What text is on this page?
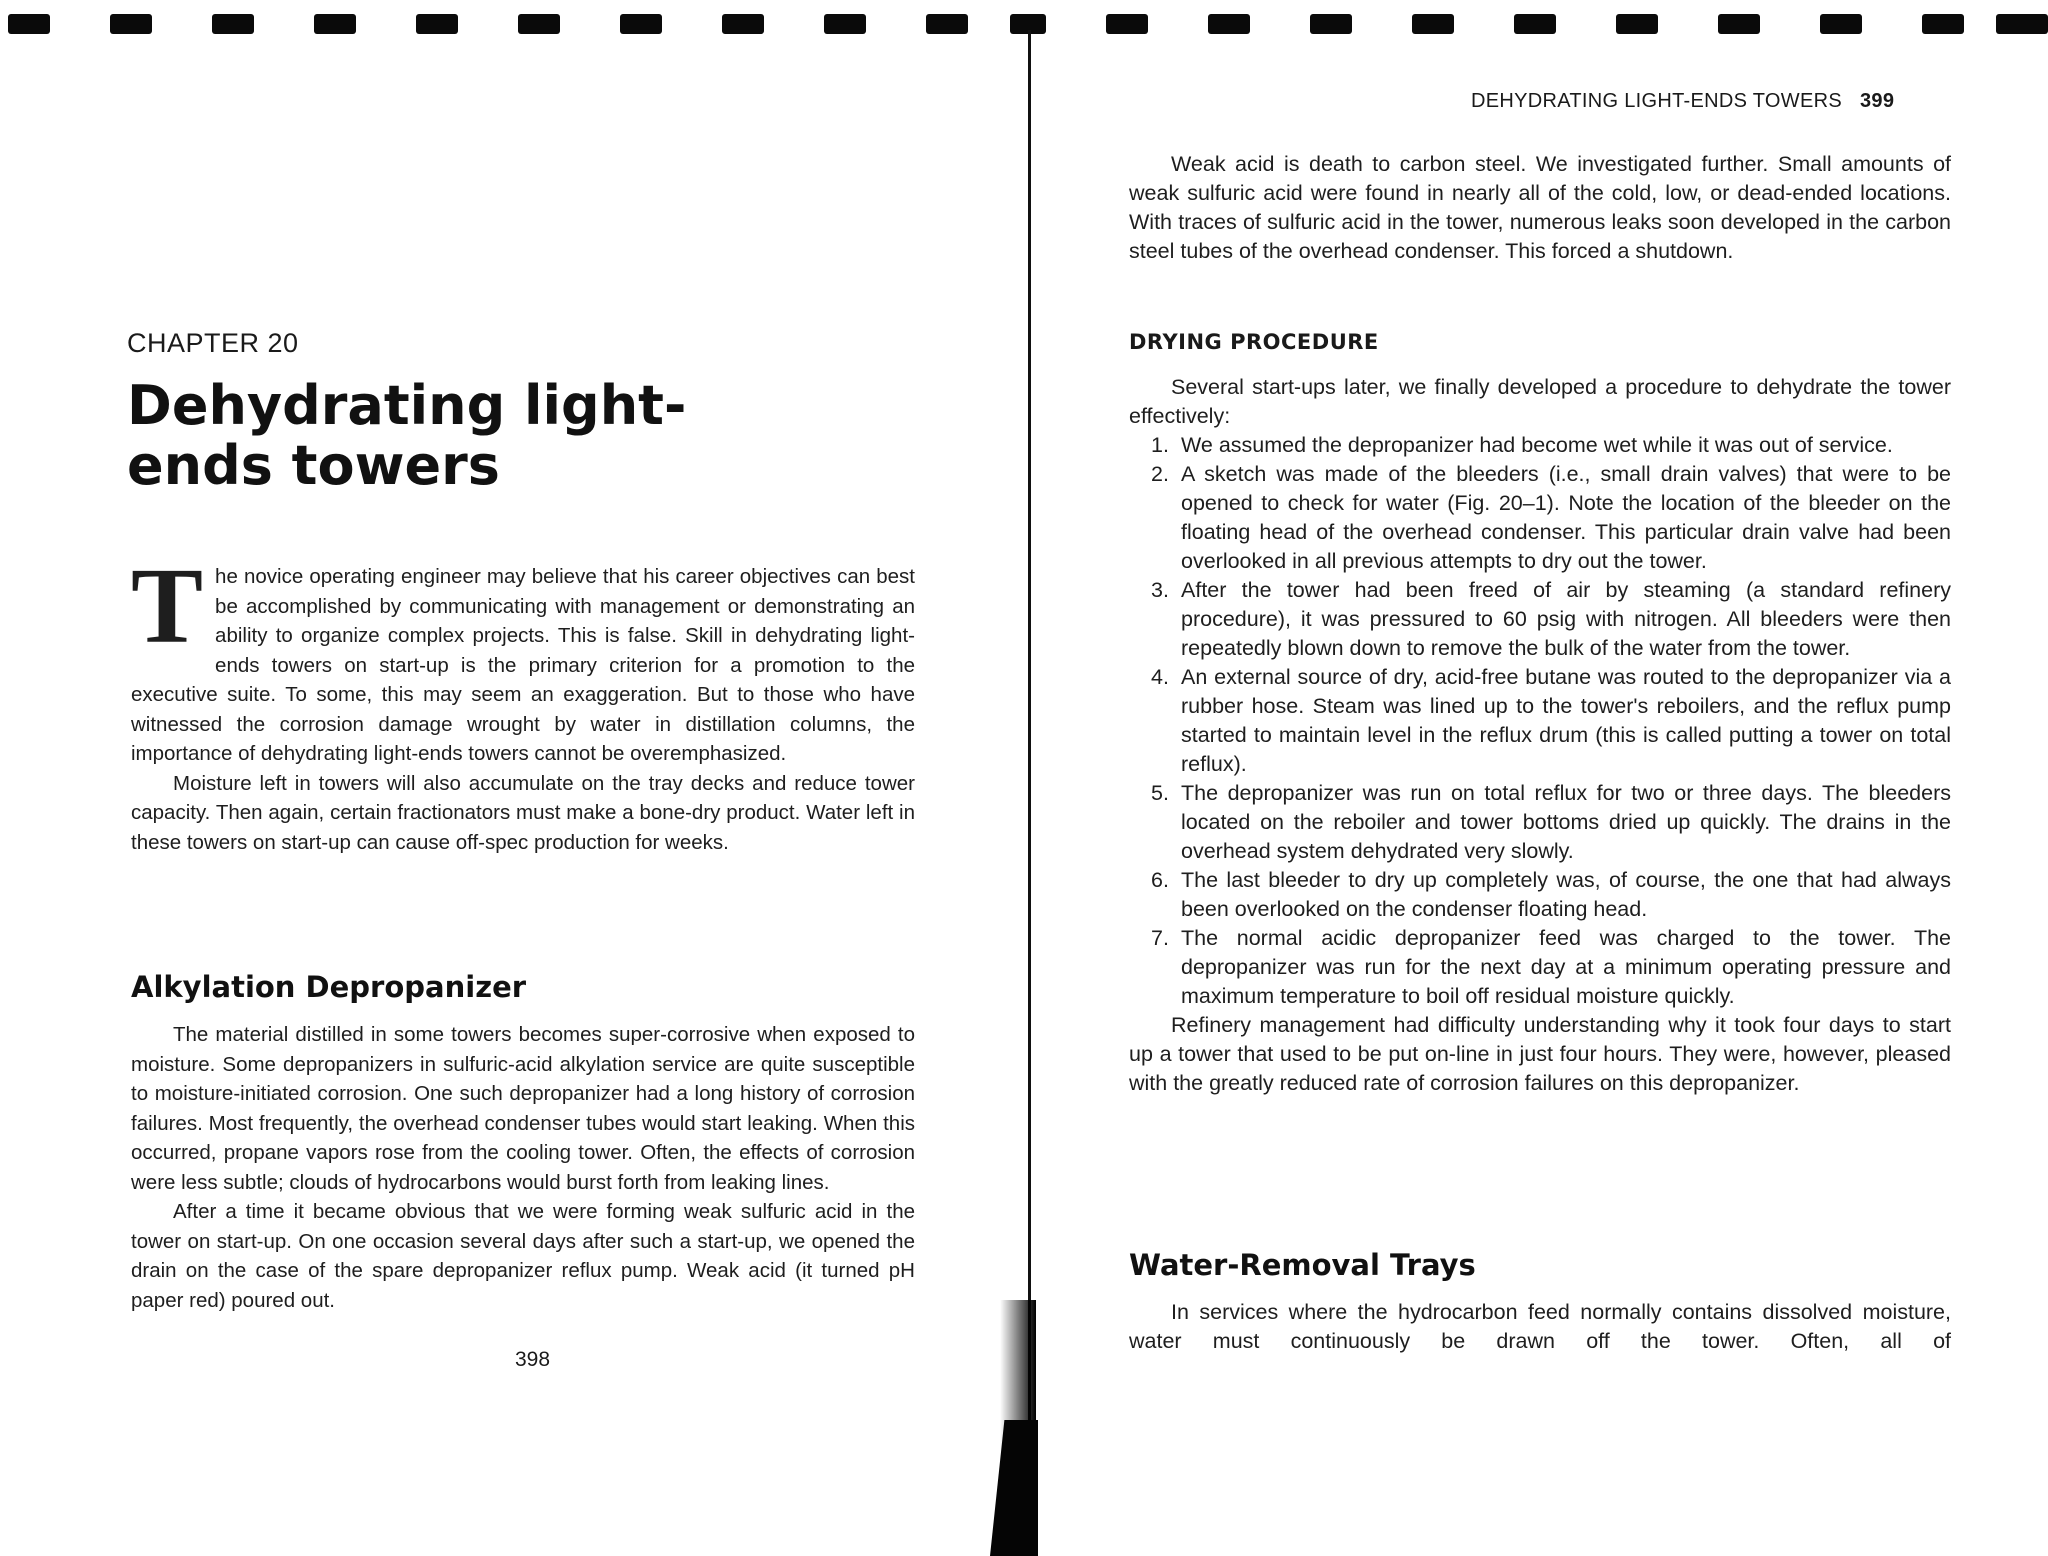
CHAPTER 20
Dehydrating light-ends towers

The novice operating engineer may believe that his career objectives can best be accomplished by communicating with management or demonstrating an ability to organize complex projects. This is false. Skill in dehydrating light-ends towers on start-up is the primary criterion for a promotion to the executive suite. To some, this may seem an exaggeration. But to those who have witnessed the corrosion damage wrought by water in distillation columns, the importance of dehydrating light-ends towers cannot be overemphasized.

Moisture left in towers will also accumulate on the tray decks and reduce tower capacity. Then again, certain fractionators must make a bone-dry product. Water left in these towers on start-up can cause off-spec production for weeks.

Alkylation Depropanizer

The material distilled in some towers becomes super-corrosive when exposed to moisture. Some depropanizers in sulfuric-acid alkylation service are quite susceptible to moisture-initiated corrosion. One such depropanizer had a long history of corrosion failures. Most frequently, the overhead condenser tubes would start leaking. When this occurred, propane vapors rose from the cooling tower. Often, the effects of corrosion were less subtle; clouds of hydrocarbons would burst forth from leaking lines.

After a time it became obvious that we were forming weak sulfuric acid in the tower on start-up. On one occasion several days after such a start-up, we opened the drain on the case of the spare depropanizer reflux pump. Weak acid (it turned pH paper red) poured out.

398
DEHYDRATING LIGHT-ENDS TOWERS 399

Weak acid is death to carbon steel. We investigated further. Small amounts of weak sulfuric acid were found in nearly all of the cold, low, or dead-ended locations. With traces of sulfuric acid in the tower, numerous leaks soon developed in the carbon steel tubes of the overhead condenser. This forced a shutdown.

DRYING PROCEDURE

Several start-ups later, we finally developed a procedure to dehydrate the tower effectively:

1. We assumed the depropanizer had become wet while it was out of service.
2. A sketch was made of the bleeders (i.e., small drain valves) that were to be opened to check for water (Fig. 20–1). Note the location of the bleeder on the floating head of the overhead condenser. This particular drain valve had been overlooked in all previous attempts to dry out the tower.
3. After the tower had been freed of air by steaming (a standard refinery procedure), it was pressured to 60 psig with nitrogen. All bleeders were then repeatedly blown down to remove the bulk of the water from the tower.
4. An external source of dry, acid-free butane was routed to the depropanizer via a rubber hose. Steam was lined up to the tower's reboilers, and the reflux pump started to maintain level in the reflux drum (this is called putting a tower on total reflux).
5. The depropanizer was run on total reflux for two or three days. The bleeders located on the reboiler and tower bottoms dried up quickly. The drains in the overhead system dehydrated very slowly.
6. The last bleeder to dry up completely was, of course, the one that had always been overlooked on the condenser floating head.
7. The normal acidic depropanizer feed was charged to the tower. The depropanizer was run for the next day at a minimum operating pressure and maximum temperature to boil off residual moisture quickly.

Refinery management had difficulty understanding why it took four days to start up a tower that used to be put on-line in just four hours. They were, however, pleased with the greatly reduced rate of corrosion failures on this depropanizer.

Water-Removal Trays

In services where the hydrocarbon feed normally contains dissolved moisture, water must continuously be drawn off the tower. Often, all of
